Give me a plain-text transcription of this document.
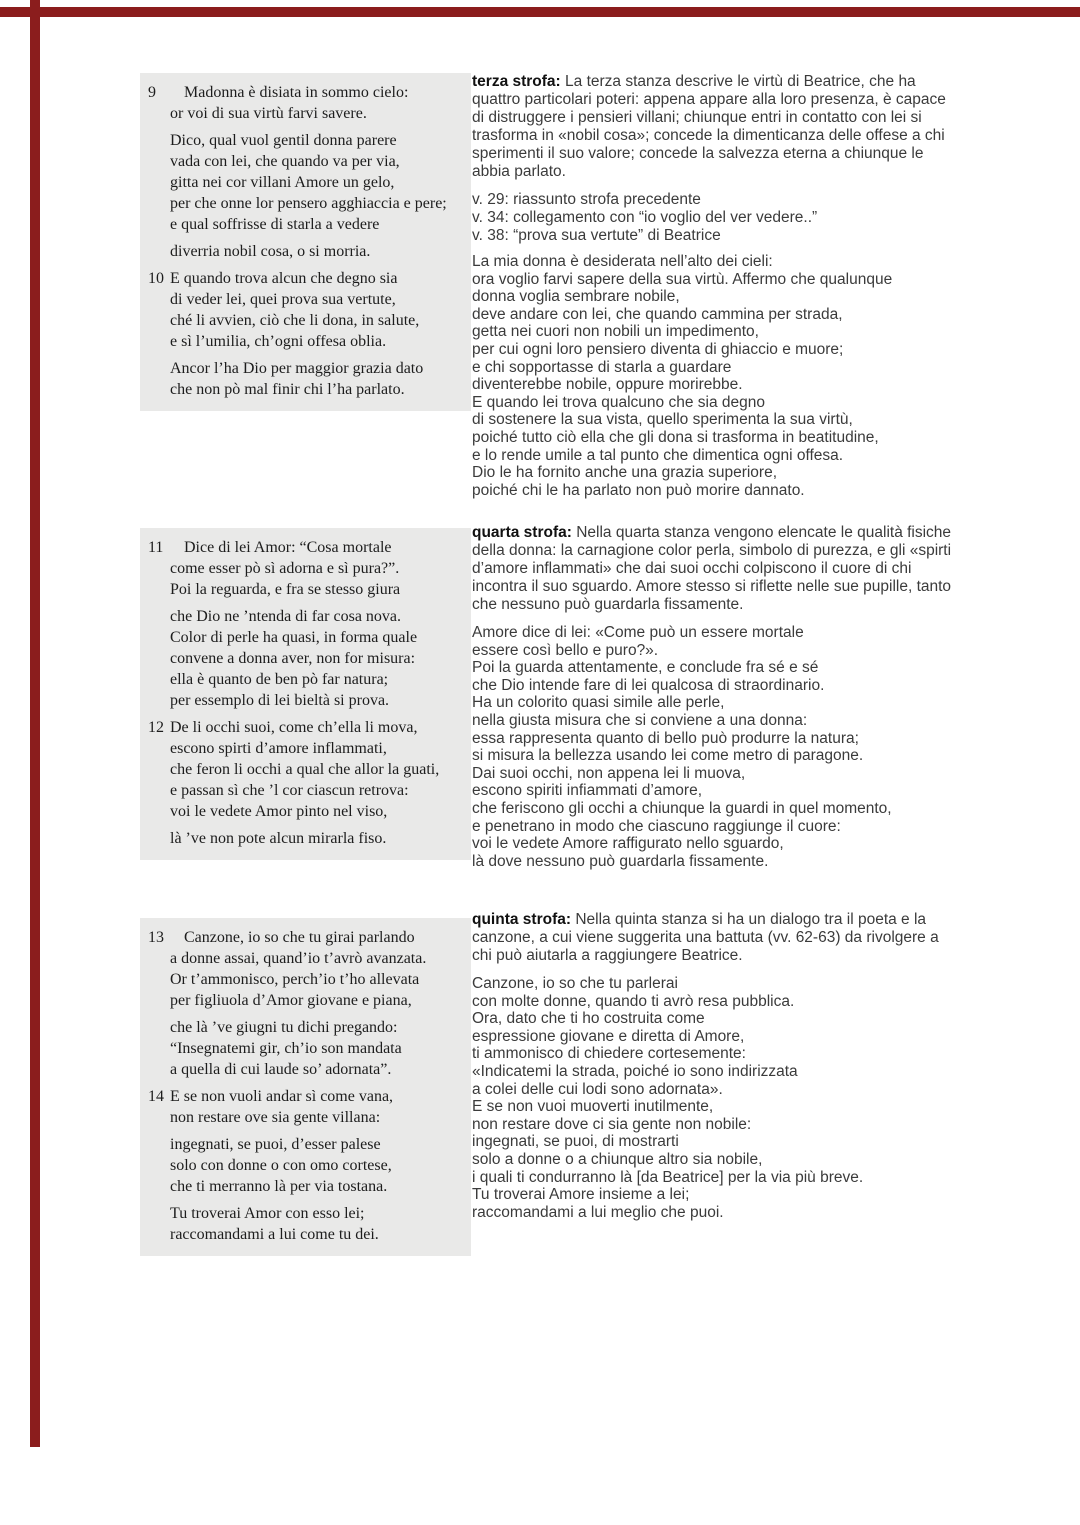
9 Madonna è disiata in sommo cielo:
or voi di sua virtù farvi savere.
Dico, qual vuol gentil donna parere
vada con lei, che quando va per via,
gitta nei cor villani Amore un gelo,
per che onne lor pensero agghiaccia e pere;
e qual soffrisse di starla a vedere
diverria nobil cosa, o si morria.
10 E quando trova alcun che degno sia
di veder lei, quei prova sua vertute,
ché li avvien, ciò che li dona, in salute,
e sì l’umilia, ch’ogni offesa oblia.
Ancor l’ha Dio per maggior grazia dato
che non pò mal finir chi l’ha parlato.
11 Dice di lei Amor: “Cosa mortale
come esser pò sì adorna e sì pura?”.
Poi la reguarda, e fra se stesso giura
che Dio ne ’ntenda di far cosa nova.
Color di perle ha quasi, in forma quale
convene a donna aver, non for misura:
ella è quanto de ben pò far natura;
per essemplo di lei bieltà si prova.
12 De li occhi suoi, come ch’ella li mova,
escono spirti d’amore inflammati,
che feron li occhi a qual che allor la guati,
e passan sì che ’l cor ciascun retrova:
voi le vedete Amor pinto nel viso,
là ’ve non pote alcun mirarla fiso.
13 Canzone, io so che tu girai parlando
a donne assai, quand’io t’avrò avanzata.
Or t’ammonisco, perch’io t’ho allevata
per figliuola d’Amor giovane e piana,
che là ’ve giugni tu dichi pregando:
“Insegnatemi gir, ch’io son mandata
a quella di cui laude so’ adornata”.
14 E se non vuoli andar sì come vana,
non restare ove sia gente villana:
ingegnati, se puoi, d’esser palese
solo con donne o con omo cortese,
che ti merranno là per via tostana.
Tu troverai Amor con esso lei;
raccomandami a lui come tu dei.

terza strofa: La terza stanza descrive le virtù di Beatrice, che ha quattro particolari poteri: appena appare alla loro presenza, è capace di distruggere i pensieri villani; chiunque entri in contatto con lei si trasforma in «nobil cosa»; concede la dimenticanza delle offese a chi sperimenti il suo valore; concede la salvezza eterna a chiunque le abbia parlato.

v. 29: riassunto strofa precedente
v. 34: collegamento con “io voglio del ver vedere..”
v. 38: “prova sua vertute” di Beatrice
La mia donna è desiderata nell’alto dei cieli:
ora voglio farvi sapere della sua virtù. Affermo che qualunque
donna voglia sembrare nobile,
deve andare con lei, che quando cammina per strada,
getta nei cuori non nobili un impedimento,
per cui ogni loro pensiero diventa di ghiaccio e muore;
e chi sopportasse di starla a guardare
diventerebbe nobile, oppure morirebbe.
E quando lei trova qualcuno che sia degno
di sostenere la sua vista, quello sperimenta la sua virtù,
poiché tutto ciò ella che gli dona si trasforma in beatitudine,
e lo rende umile a tal punto che dimentica ogni offesa.
Dio le ha fornito anche una grazia superiore,
poiché chi le ha parlato non può morire dannato.

quarta strofa: Nella quarta stanza vengono elencate le qualità fisiche della donna: la carnagione color perla, simbolo di purezza, e gli «spirti d’amore inflammati» che dai suoi occhi colpiscono il cuore di chi incontra il suo sguardo. Amore stesso si riflette nelle sue pupille, tanto che nessuno può guardarla fissamente.

Amore dice di lei: «Come può un essere mortale
essere così bello e puro?».
Poi la guarda attentamente, e conclude fra sé e sé
che Dio intende fare di lei qualcosa di straordinario.
Ha un colorito quasi simile alle perle,
nella giusta misura che si conviene a una donna:
essa rappresenta quanto di bello può produrre la natura;
si misura la bellezza usando lei come metro di paragone.
Dai suoi occhi, non appena lei li muova,
escono spiriti infiammati d’amore,
che feriscono gli occhi a chiunque la guardi in quel momento,
e penetrano in modo che ciascuno raggiunge il cuore:
voi le vedete Amore raffigurato nello sguardo,
là dove nessuno può guardarla fissamente.

quinta strofa: Nella quinta stanza si ha un dialogo tra il poeta e la canzone, a cui viene suggerita una battuta (vv. 62-63) da rivolgere a chi può aiutarla a raggiungere Beatrice.

Canzone, io so che tu parlerai
con molte donne, quando ti avrò resa pubblica.
Ora, dato che ti ho costruita come
espressione giovane e diretta di Amore,
ti ammonisco di chiedere cortesemente:
«Indicatemi la strada, poiché io sono indirizzata
a colei delle cui lodi sono adornata».
E se non vuoi muoverti inutilmente,
non restare dove ci sia gente non nobile:
ingegnati, se puoi, di mostrarti
solo a donne o a chiunque altro sia nobile,
i quali ti condurranno là [da Beatrice] per la via più breve.
Tu troverai Amore insieme a lei;
raccomandami a lui meglio che puoi.
